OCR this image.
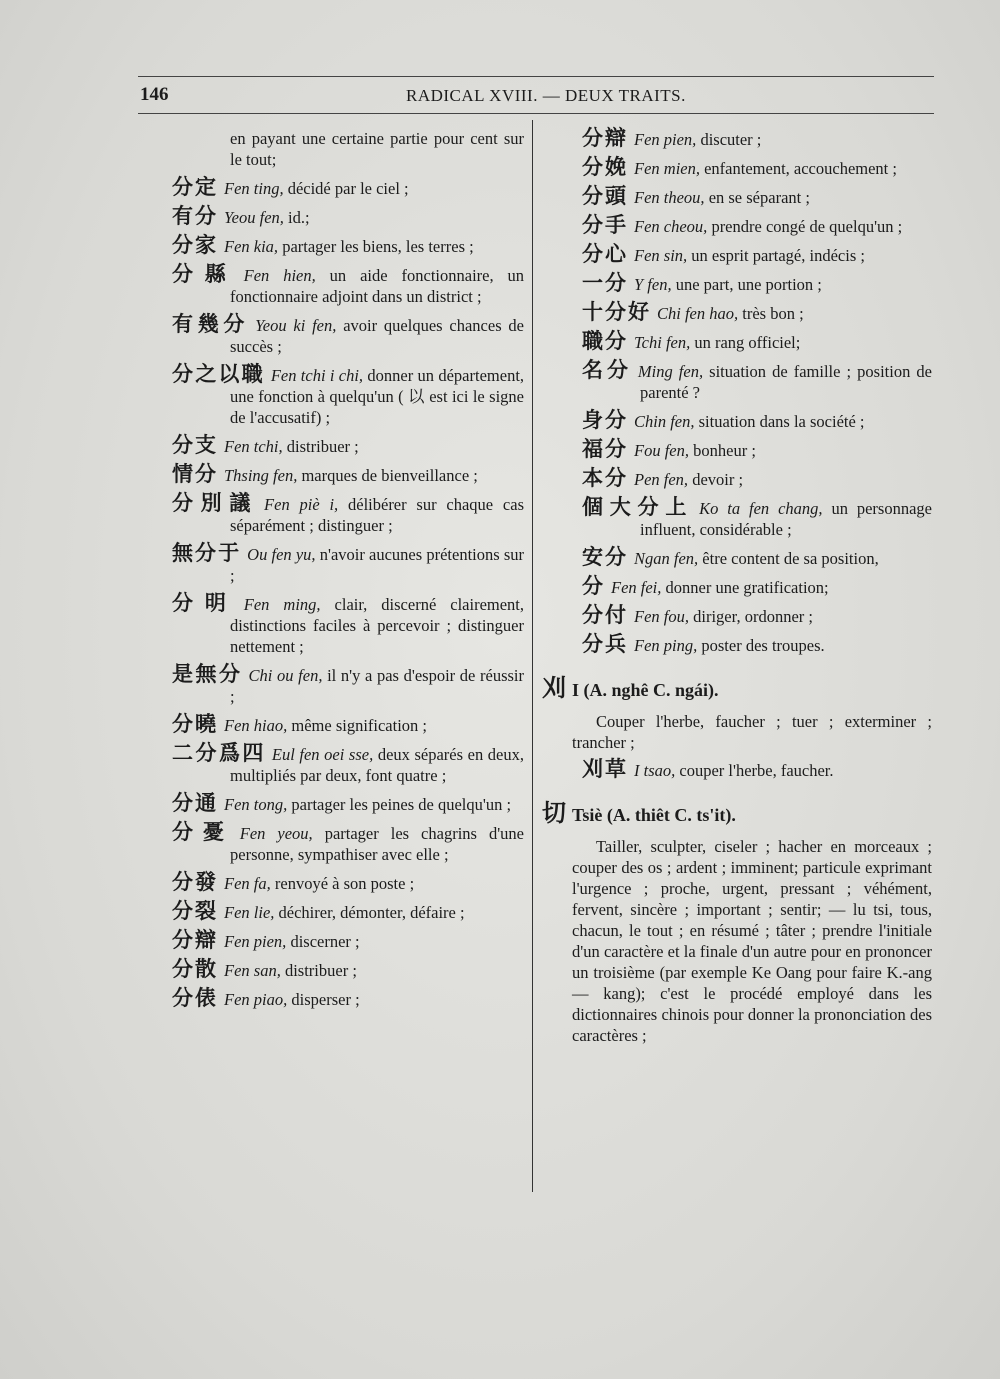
146	RADICAL XVIII. — DEUX TRAITS.
en payant une certaine partie pour cent sur le tout;
分定 Fen ting, décidé par le ciel ;
有分 Yeou fen, id.;
分家 Fen kia, partager les biens, les terres ;
分縣 Fen hien, un aide fonctionnaire, un fonctionnaire adjoint dans un district ;
有幾分 Yeou ki fen, avoir quelques chances de succès ;
分之以職 Fen tchi i chi, donner un département, une fonction à quelqu'un ( 以 est ici le signe de l'accusatif) ;
分支 Fen tchi, distribuer ;
情分 Thsing fen, marques de bienveillance ;
分別議 Fen piè i, délibérer sur chaque cas séparément ; distinguer ;
無分于 Ou fen yu, n'avoir aucunes prétentions sur ;
分明 Fen ming, clair, discerné clairement, distinctions faciles à percevoir ; distinguer nettement ;
是無分 Chi ou fen, il n'y a pas d'espoir de réussir ;
分曉 Fen hiao, même signification ;
二分爲四 Eul fen oei sse, deux séparés en deux, multipliés par deux, font quatre ;
分通 Fen tong, partager les peines de quelqu'un ;
分憂 Fen yeou, partager les chagrins d'une personne, sympathiser avec elle ;
分發 Fen fa, renvoyé à son poste ;
分裂 Fen lie, déchirer, démonter, défaire ;
分辯 Fen pien, discerner ;
分散 Fen san, distribuer ;
分俵 Fen piao, disperser ;
分辯 Fen pien, discuter ;
分娩 Fen mien, enfantement, accouchement ;
分頭 Fen theou, en se séparant ;
分手 Fen cheou, prendre congé de quelqu'un ;
分心 Fen sin, un esprit partagé, indécis ;
一分 Y fen, une part, une portion ;
十分好 Chi fen hao, très bon ;
職分 Tchi fen, un rang officiel;
名分 Ming fen, situation de famille ; position de parenté ?
身分 Chin fen, situation dans la société ;
福分 Fou fen, bonheur ;
本分 Pen fen, devoir ;
個大分上 Ko ta fen chang, un personnage influent, considérable ;
安分 Ngan fen, être content de sa position,
分 Fen fei, donner une gratification;
分付 Fen fou, diriger, ordonner ;
分兵 Fen ping, poster des troupes.
刈 I (A. nghê C. ngái).
Couper l'herbe, faucher ; tuer ; exterminer ; trancher ;
刈草 I tsao, couper l'herbe, faucher.
切 Tsiè (A. thiêt C. ts'it).
Tailler, sculpter, ciseler ; hacher en morceaux ; couper des os ; ardent ; imminent; particule exprimant l'urgence ; proche, urgent, pressant ; véhément, fervent, sincère ; important ; sentir; — lu tsi, tous, chacun, le tout ; en résumé ; tâter ; prendre l'initiale d'un caractère et la finale d'un autre pour en prononcer un troisième (par exemple Ke Oang pour faire K.-ang — kang); c'est le procédé employé dans les dictionnaires chinois pour donner la prononciation des caractères ;
